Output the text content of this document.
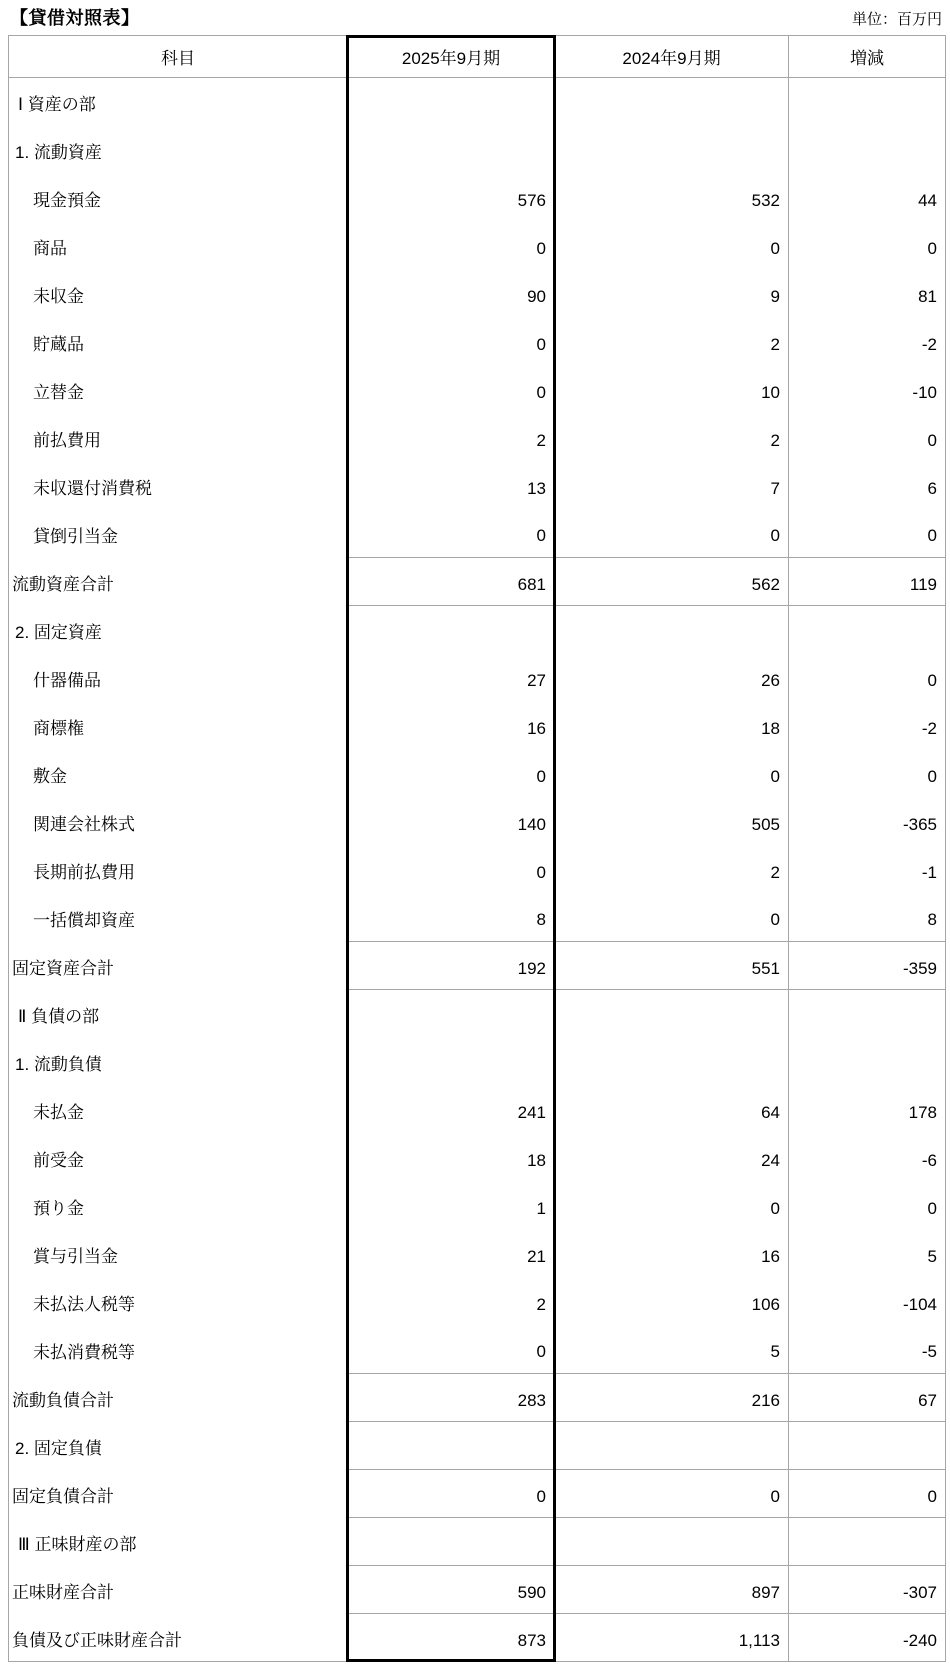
【貸借対照表】	単位：百万円
科目	2025年9月期	2024年9月期	増減
Ⅰ 資産の部			
1. 流動資産			
現金預金	576	532	44
商品	0	0	0
未収金	90	9	81
貯蔵品	0	2	-2
立替金	0	10	-10
前払費用	2	2	0
未収還付消費税	13	7	6
貸倒引当金	0	0	0
流動資産合計	681	562	119
2. 固定資産			
什器備品	27	26	0
商標権	16	18	-2
敷金	0	0	0
関連会社株式	140	505	-365
長期前払費用	0	2	-1
一括償却資産	8	0	8
固定資産合計	192	551	-359
Ⅱ 負債の部			
1. 流動負債			
未払金	241	64	178
前受金	18	24	-6
預り金	1	0	0
賞与引当金	21	16	5
未払法人税等	2	106	-104
未払消費税等	0	5	-5
流動負債合計	283	216	67
2. 固定負債			
固定負債合計	0	0	0
Ⅲ 正味財産の部			
正味財産合計	590	897	-307
負債及び正味財産合計	873	1,113	-240
